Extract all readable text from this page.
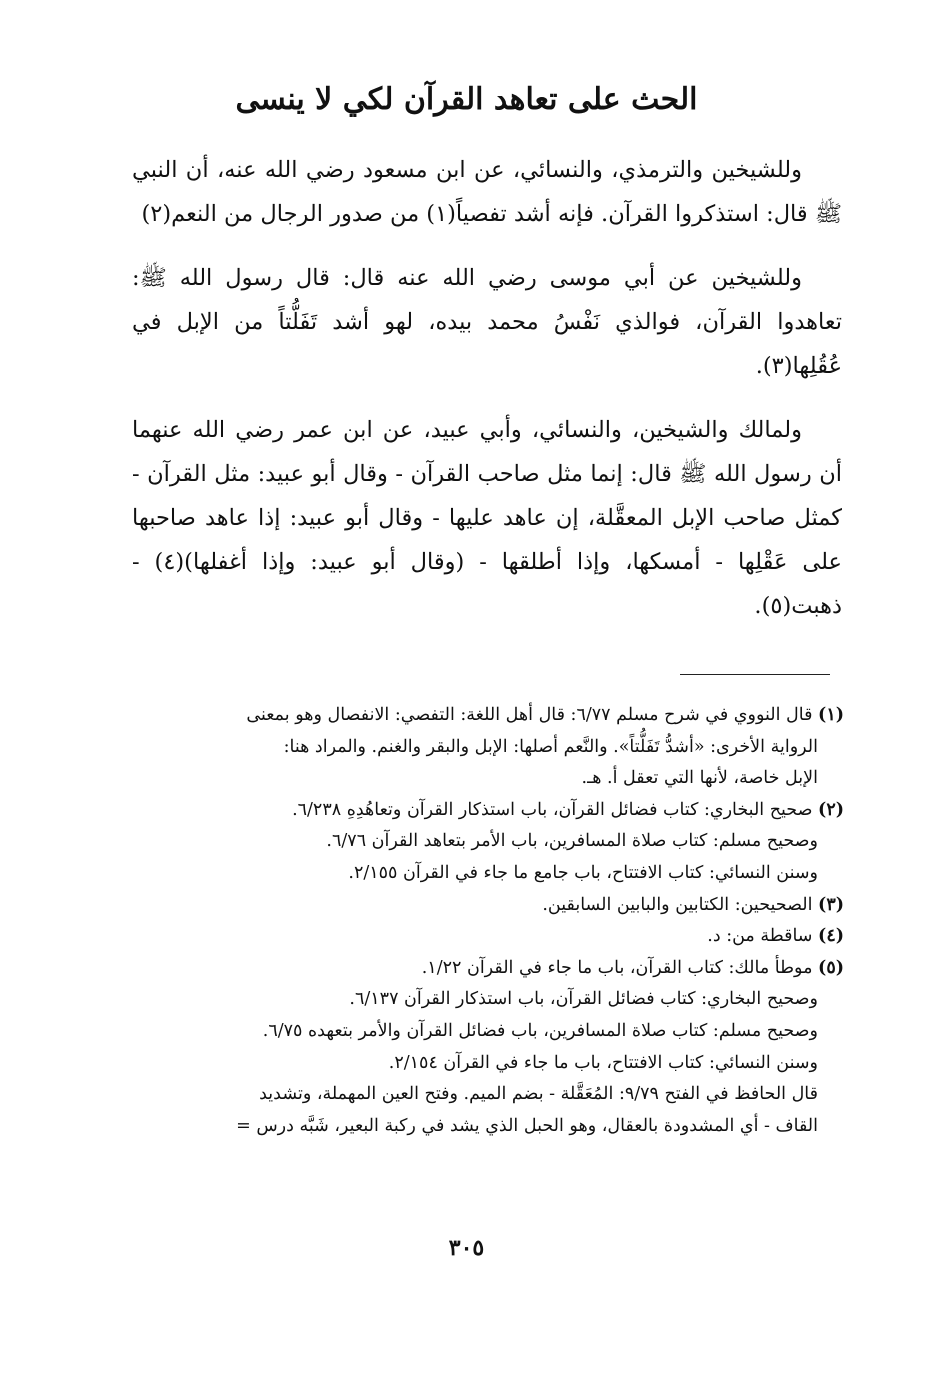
الحث على تعاهد القرآن لكي لا ينسى

وللشيخين والترمذي، والنسائي، عن ابن مسعود رضي الله عنه، أن النبي ﷺ قال: استذكروا القرآن. فإنه أشد تفصياً(١) من صدور الرجال من النعم(٢)

وللشيخين عن أبي موسى رضي الله عنه قال: قال رسول الله ﷺ: تعاهدوا القرآن، فوالذي نَفْسُ محمد بيده، لهو أشد تَفَلُّتاً من الإبل في عُقُلِها(٣).

ولمالك والشيخين، والنسائي، وأبي عبيد، عن ابن عمر رضي الله عنهما أن رسول الله ﷺ قال: إنما مثل صاحب القرآن - وقال أبو عبيد: مثل القرآن - كمثل صاحب الإبل المعقَّلة، إن عاهد عليها - وقال أبو عبيد: إذا عاهد صاحبها على عَقْلِها - أمسكها، وإذا أطلقها - (وقال أبو عبيد: وإذا أغفلها)(٤) - ذهبت(٥).

(١) قال النووي في شرح مسلم ٦/٧٧: قال أهل اللغة: التفصي: الانفصال وهو بمعنى
الرواية الأخرى: «أشدُّ تَفَلُّتاً». والنَّعم أصلها: الإبل والبقر والغنم. والمراد هنا:
الإبل خاصة، لأنها التي تعقل أ. هـ.
(٢) صحيح البخاري: كتاب فضائل القرآن، باب استذكار القرآن وتعاهُدِهِ ٦/٢٣٨.
وصحيح مسلم: كتاب صلاة المسافرين، باب الأمر بتعاهد القرآن ٦/٧٦.
وسنن النسائي: كتاب الافتتاح، باب جامع ما جاء في القرآن ٢/١٥٥.
(٣) الصحيحين: الكتابين والبابين السابقين.
(٤) ساقطة من: د.
(٥) موطأ مالك: كتاب القرآن، باب ما جاء في القرآن ١/٢٢.
وصحيح البخاري: كتاب فضائل القرآن، باب استذكار القرآن ٦/١٣٧.
وصحيح مسلم: كتاب صلاة المسافرين، باب فضائل القرآن والأمر بتعهده ٦/٧٥.
وسنن النسائي: كتاب الافتتاح، باب ما جاء في القرآن ٢/١٥٤.
قال الحافظ في الفتح ٩/٧٩: المُعَقَّلة - بضم الميم. وفتح العين المهملة، وتشديد
القاف - أي المشدودة بالعقال، وهو الحبل الذي يشد في ركبة البعير، شَبَّه درس =
٣٠٥
